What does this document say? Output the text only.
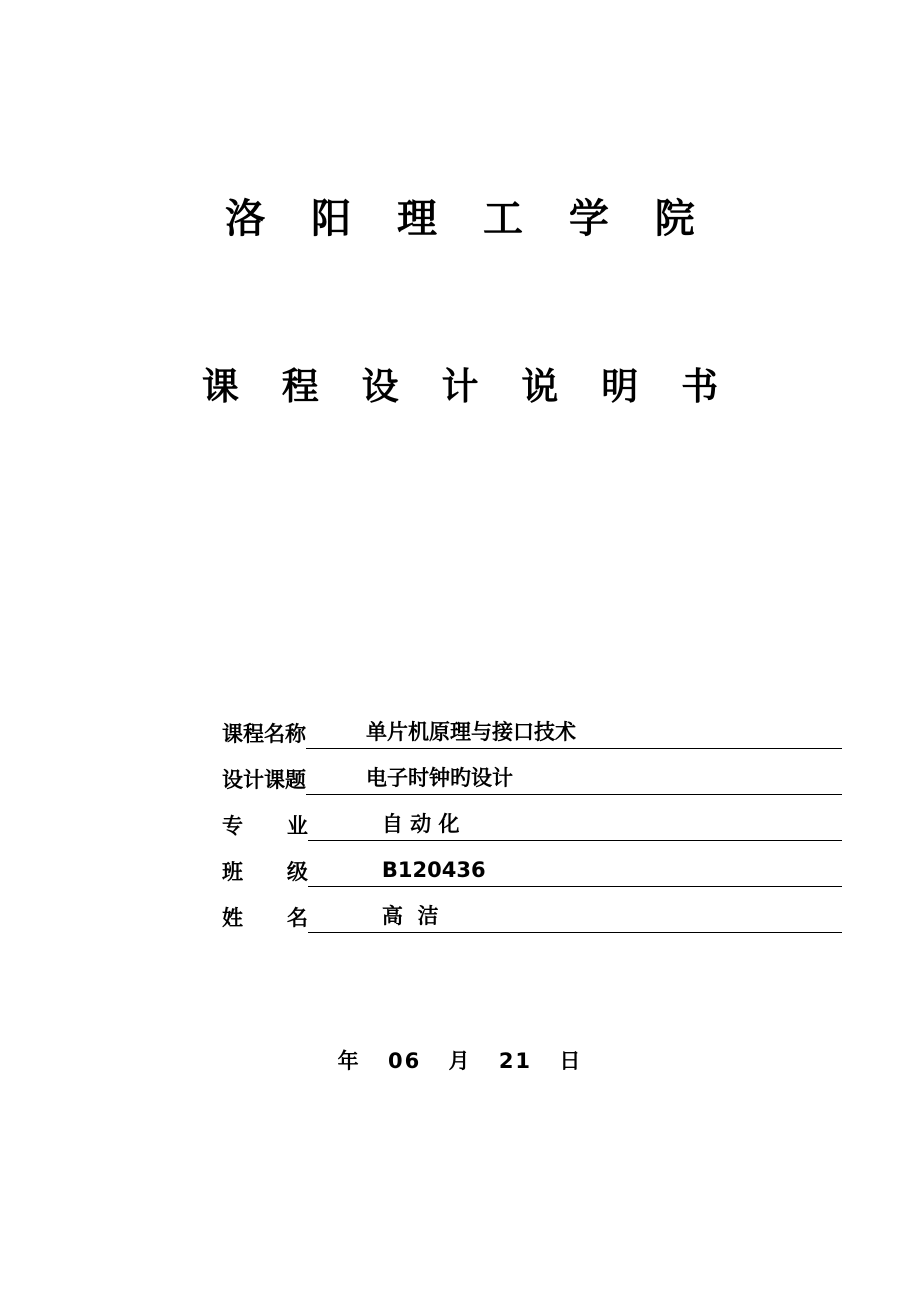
洛 阳 理 工 学 院
课 程 设 计 说 明 书
课程名称	单片机原理与接口技术
设计课题	电子时钟旳设计
专      业	自 动 化
班      级	B120436
姓      名	高  洁
年 06 月 21 日
